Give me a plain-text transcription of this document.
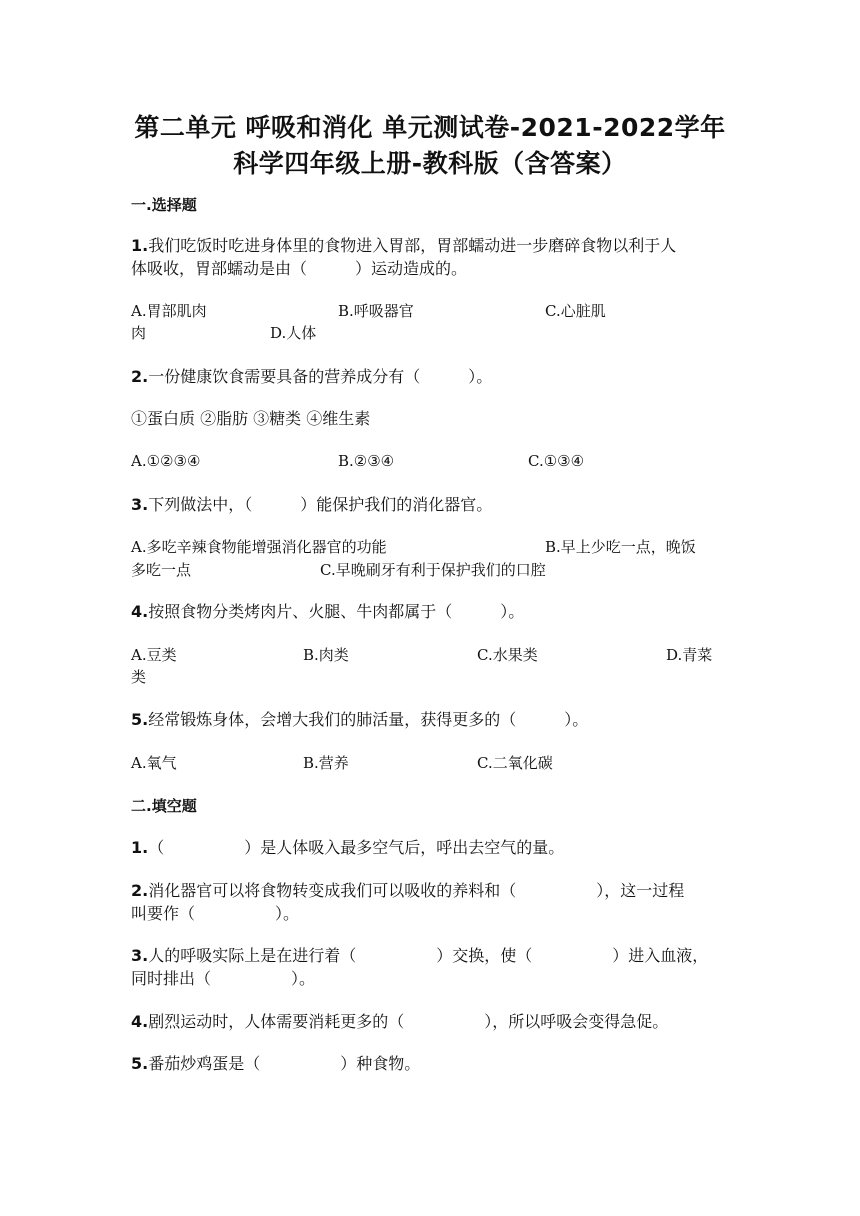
第二单元 呼吸和消化 单元测试卷-2021-2022学年
科学四年级上册-教科版（含答案）
一.选择题
1.我们吃饭时吃进身体里的食物进入胃部，胃部蠕动进一步磨碎食物以利于人
体吸收，胃部蠕动是由（　　　）运动造成的。
A.胃部肌肉	B.呼吸器官	C.心脏肌
肉	D.人体
2.一份健康饮食需要具备的营养成分有（　　　）。
①蛋白质 ②脂肪 ③糖类 ④维生素
A.①②③④	B.②③④	C.①③④
3.下列做法中，（　　　）能保护我们的消化器官。
A.多吃辛辣食物能增强消化器官的功能	B.早上少吃一点，晚饭
多吃一点	C.早晚刷牙有利于保护我们的口腔
4.按照食物分类烤肉片、火腿、牛肉都属于（　　　）。
A.豆类	B.肉类	C.水果类	D.青菜
类
5.经常锻炼身体，会增大我们的肺活量，获得更多的（　　　）。
A.氧气	B.营养	C.二氧化碳
二.填空题
1.（　　　　　）是人体吸入最多空气后，呼出去空气的量。
2.消化器官可以将食物转变成我们可以吸收的养料和（　　　　　），这一过程
叫要作（　　　　　）。
3.人的呼吸实际上是在进行着（　　　　　）交换，使（　　　　　）进入血液，
同时排出（　　　　　）。
4.剧烈运动时，人体需要消耗更多的（　　　　　），所以呼吸会变得急促。
5.番茄炒鸡蛋是（　　　　　）种食物。
